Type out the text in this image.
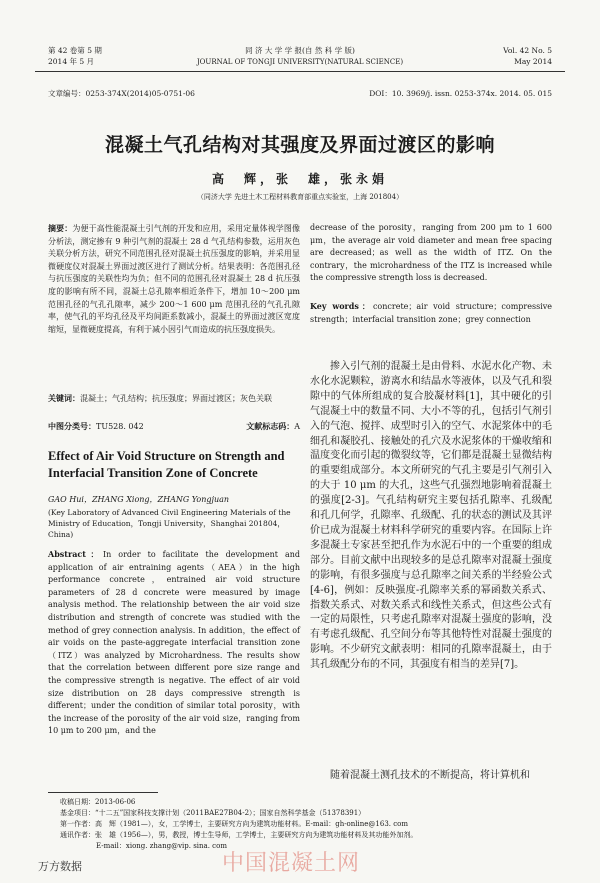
第 42 卷第 5 期
2014 年 5 月
同 济 大 学 学 报(自 然 科 学 版)
JOURNAL OF TONGJI UNIVERSITY(NATURAL SCIENCE)
Vol. 42 No. 5
May 2014
文章编号：0253-374X(2014)05-0751-06	DOI：10. 3969/j. issn. 0253-374x. 2014. 05. 015
混凝土气孔结构对其强度及界面过渡区的影响
高　辉，张　雄，张永娟
（同济大学 先进土木工程材料教育部重点实验室，上海 201804）
摘要：为便于高性能混凝土引气剂的开发和应用，采用定量体视学图像分析法，测定掺有 9 种引气剂的混凝土 28 d 气孔结构参数，运用灰色关联分析方法，研究不同范围孔径对混凝土抗压强度的影响，并采用显微硬度仪对混凝土界面过渡区进行了测试分析。结果表明：各范围孔径与抗压强度的关联性均为负；但不同的范围孔径对混凝土 28 d 抗压强度的影响有所不同，混凝土总孔隙率相近条件下，增加 10～200 μm 范围孔径的气孔孔隙率，减少 200～1 600 μm 范围孔径的气孔孔隙率，使气孔的平均孔径及平均间距系数减小，混凝土的界面过渡区宽度缩短，显微硬度提高，有利于减小因引气而造成的抗压强度损失。
关键词：混凝土；气孔结构；抗压强度；界面过渡区；灰色关联
中图分类号：TU528. 042	文献标志码：A
Effect of Air Void Structure on Strength and Interfacial Transition Zone of Concrete
GAO Hui，ZHANG Xiong，ZHANG Yongjuan
(Key Laboratory of Advanced Civil Engineering Materials of the Ministry of Education，Tongji University，Shanghai 201804，China)
Abstract：In order to facilitate the development and application of air entraining agents（AEA）in the high performance concrete，entrained air void structure parameters of 28 d concrete were measured by image analysis method. The relationship between the air void size distribution and strength of concrete was studied with the method of grey connection analysis. In addition，the effect of air voids on the paste-aggregate interfacial transition zone（ITZ）was analyzed by Microhardness. The results show that the correlation between different pore size range and the compressive strength is negative. The effect of air void size distribution on 28 days compressive strength is different；under the condition of similar total porosity，with the increase of the porosity of the air void size，ranging from 10 μm to 200 μm，and the
decrease of the porosity，ranging from 200 μm to 1 600 μm，the average air void diameter and mean free spacing are decreased；as well as the width of ITZ. On the contrary，the microhardness of the ITZ is increased while the compressive strength loss is decreased.
Key words：concrete；air void structure；compressive strength；interfacial transition zone；grey connection
掺入引气剂的混凝土是由骨料、水泥水化产物、未水化水泥颗粒，游离水和结晶水等液体，以及气孔和裂隙中的气体所组成的复合胶凝材料[1]，其中硬化的引气混凝土中的数量不同、大小不等的孔，包括引气剂引入的气泡、搅拌、成型时引入的空气、水泥浆体中的毛细孔和凝胶孔、接触处的孔穴及水泥浆体的干燥收缩和温度变化而引起的微裂纹等，它们都是混凝土显微结构的重要组成部分。本文所研究的气孔主要是引气剂引入的大于 10 μm 的大孔，这些气孔强烈地影响着混凝土的强度[2-3]。气孔结构研究主要包括孔隙率、孔级配和孔几何学，孔隙率、孔级配、孔的状态的测试及其评价已成为混凝土材料科学研究的重要内容。在国际上许多混凝土专家甚至把孔作为水泥石中的一个重要的组成部分。目前文献中出现较多的是总孔隙率对混凝土强度的影响，有很多强度与总孔隙率之间关系的半经验公式[4-6]，例如：反映强度-孔隙率关系的幂函数关系式、指数关系式、对数关系式和线性关系式，但这些公式有一定的局限性，只考虑孔隙率对混凝土强度的影响，没有考虑孔级配、孔空间分布等其他特性对混凝土强度的影响。不少研究文献表明：相同的孔隙率混凝土，由于其孔级配分布的不同，其强度有相当的差异[7]。
随着混凝土测孔技术的不断提高，将计算机和
收稿日期：2013-06-06
基金项目：“十二五”国家科技支撑计划（2011BAE27B04-2）；国家自然科学基金（51378391）
第一作者：高　辉（1981—），女，工学博士，主要研究方向为建筑功能材料。E-mail：gh-online@163. com
通讯作者：张　雄（1956—），男，教授，博士生导师，工学博士，主要研究方向为建筑功能材料及其功能外加剂。
E-mail：xiong. zhang@vip. sina. com
中国混凝土网
万方数据
